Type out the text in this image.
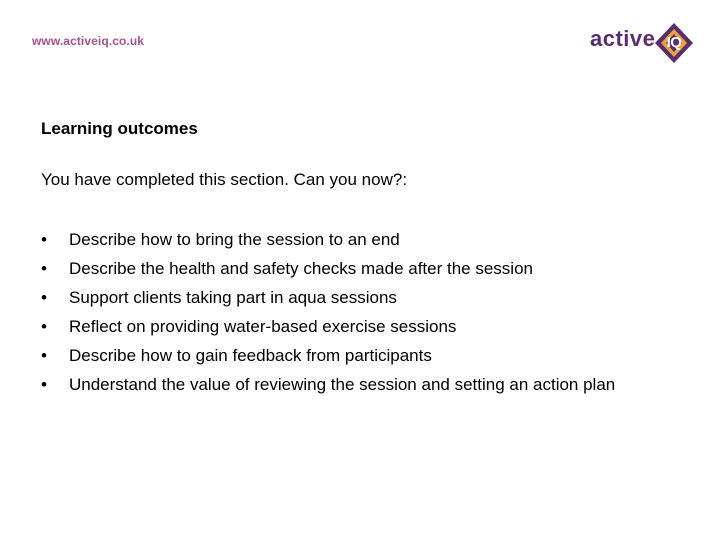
www.activeiq.co.uk	active IQ

Learning outcomes

You have completed this section. Can you now?:

•	Describe how to bring the session to an end
•	Describe the health and safety checks made after the session
•	Support clients taking part in aqua sessions
•	Reflect on providing water-based exercise sessions
•	Describe how to gain feedback from participants
•	Understand the value of reviewing the session and setting an action plan
